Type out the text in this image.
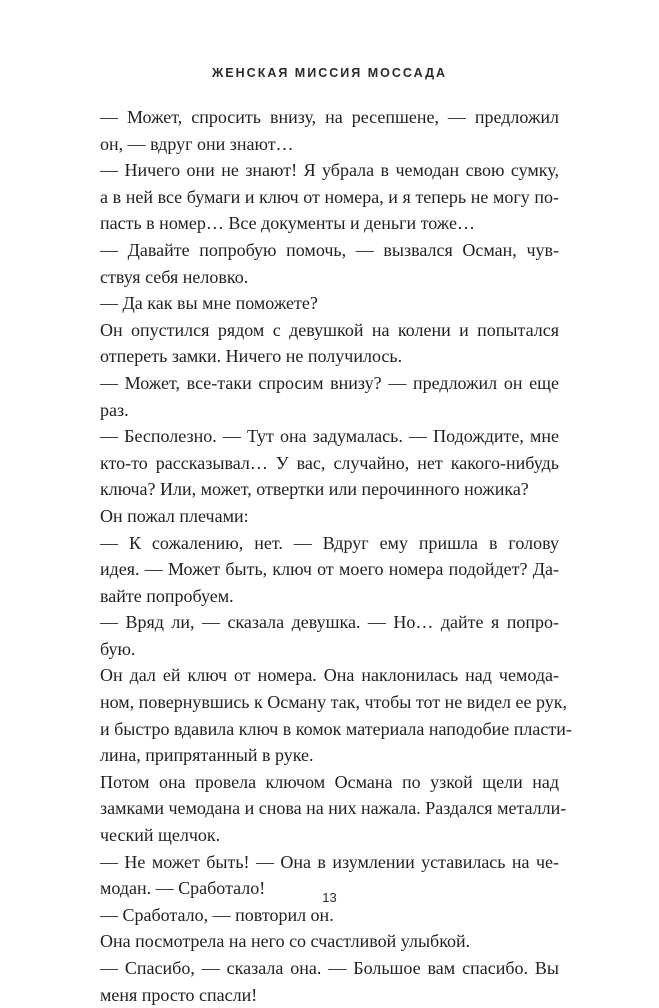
ЖЕНСКАЯ МИССИЯ МОССАДА
— Может, спросить внизу, на ресепшене, — предложил
он, — вдруг они знают…
— Ничего они не знают! Я убрала в чемодан свою сумку,
а в ней все бумаги и ключ от номера, и я теперь не могу по-
пасть в номер… Все документы и деньги тоже…
— Давайте попробую помочь, — вызвался Осман, чув-
ствуя себя неловко.
— Да как вы мне поможете?
Он опустился рядом с девушкой на колени и попытался
отпереть замки. Ничего не получилось.
— Может, все-таки спросим внизу? — предложил он еще
раз.
— Бесполезно. — Тут она задумалась. — Подождите, мне
кто-то рассказывал… У вас, случайно, нет какого-нибудь
ключа? Или, может, отвертки или перочинного ножика?
Он пожал плечами:
— К сожалению, нет. — Вдруг ему пришла в голову
идея. — Может быть, ключ от моего номера подойдет? Да-
вайте попробуем.
— Вряд ли, — сказала девушка. — Но… дайте я попро-
бую.
Он дал ей ключ от номера. Она наклонилась над чемода-
ном, повернувшись к Осману так, чтобы тот не видел ее рук,
и быстро вдавила ключ в комок материала наподобие пласти-
лина, припрятанный в руке.
Потом она провела ключом Османа по узкой щели над
замками чемодана и снова на них нажала. Раздался металли-
ческий щелчок.
— Не может быть! — Она в изумлении уставилась на че-
модан. — Сработало!
— Сработало, — повторил он.
Она посмотрела на него со счастливой улыбкой.
— Спасибо, — сказала она. — Большое вам спасибо. Вы
меня просто спасли!
13
